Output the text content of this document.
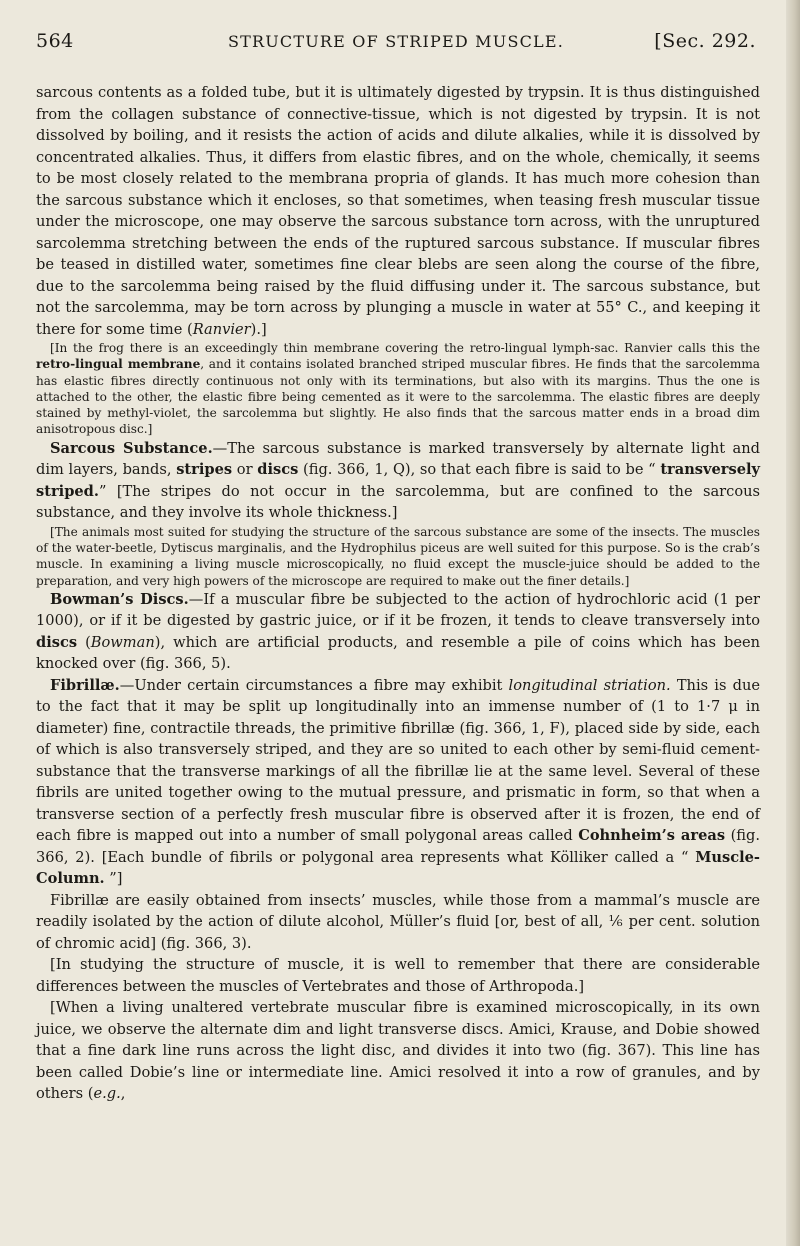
564	STRUCTURE OF STRIPED MUSCLE.	[Sec. 292.

sarcous contents as a folded tube, but it is ultimately digested by trypsin. It is thus distinguished from the collagen substance of connective-tissue, which is not digested by trypsin. It is not dissolved by boiling, and it resists the action of acids and dilute alkalies, while it is dissolved by concentrated alkalies. Thus, it differs from elastic fibres, and on the whole, chemically, it seems to be most closely related to the membrana propria of glands. It has much more cohesion than the sarcous substance which it encloses, so that sometimes, when teasing fresh muscular tissue under the microscope, one may observe the sarcous substance torn across, with the unruptured sarcolemma stretching between the ends of the ruptured sarcous substance. If muscular fibres be teased in distilled water, sometimes fine clear blebs are seen along the course of the fibre, due to the sarcolemma being raised by the fluid diffusing under it. The sarcous substance, but not the sarcolemma, may be torn across by plunging a muscle in water at 55° C., and keeping it there for some time (Ranvier).]

[In the frog there is an exceedingly thin membrane covering the retro-lingual lymph-sac. Ranvier calls this the retro-lingual membrane, and it contains isolated branched striped muscular fibres. He finds that the sarcolemma has elastic fibres directly continuous not only with its terminations, but also with its margins. Thus the one is attached to the other, the elastic fibre being cemented as it were to the sarcolemma. The elastic fibres are deeply stained by methyl-violet, the sarcolemma but slightly. He also finds that the sarcous matter ends in a broad dim anisotropous disc.]

Sarcous Substance.—The sarcous substance is marked transversely by alternate light and dim layers, bands, stripes or discs (fig. 366, 1, Q), so that each fibre is said to be “ transversely striped.” [The stripes do not occur in the sarcolemma, but are confined to the sarcous substance, and they involve its whole thickness.]

[The animals most suited for studying the structure of the sarcous substance are some of the insects. The muscles of the water-beetle, Dytiscus marginalis, and the Hydrophilus piceus are well suited for this purpose. So is the crab’s muscle. In examining a living muscle microscopically, no fluid except the muscle-juice should be added to the preparation, and very high powers of the microscope are required to make out the finer details.]

Bowman’s Discs.—If a muscular fibre be subjected to the action of hydrochloric acid (1 per 1000), or if it be digested by gastric juice, or if it be frozen, it tends to cleave transversely into discs (Bowman), which are artificial products, and resemble a pile of coins which has been knocked over (fig. 366, 5).

Fibrillæ.—Under certain circumstances a fibre may exhibit longitudinal striation. This is due to the fact that it may be split up longitudinally into an immense number of (1 to 1·7 μ in diameter) fine, contractile threads, the primitive fibrillæ (fig. 366, 1, F), placed side by side, each of which is also transversely striped, and they are so united to each other by semi-fluid cement-substance that the transverse markings of all the fibrillæ lie at the same level. Several of these fibrils are united together owing to the mutual pressure, and prismatic in form, so that when a transverse section of a perfectly fresh muscular fibre is observed after it is frozen, the end of each fibre is mapped out into a number of small polygonal areas called Cohnheim’s areas (fig. 366, 2). [Each bundle of fibrils or polygonal area represents what Kölliker called a “ Muscle-Column. ”]

Fibrillæ are easily obtained from insects’ muscles, while those from a mammal’s muscle are readily isolated by the action of dilute alcohol, Müller’s fluid [or, best of all, ⅙ per cent. solution of chromic acid] (fig. 366, 3).

[In studying the structure of muscle, it is well to remember that there are considerable differences between the muscles of Vertebrates and those of Arthropoda.]

[When a living unaltered vertebrate muscular fibre is examined microscopically, in its own juice, we observe the alternate dim and light transverse discs. Amici, Krause, and Dobie showed that a fine dark line runs across the light disc, and divides it into two (fig. 367). This line has been called Dobie’s line or intermediate line. Amici resolved it into a row of granules, and by others (e.g.,
